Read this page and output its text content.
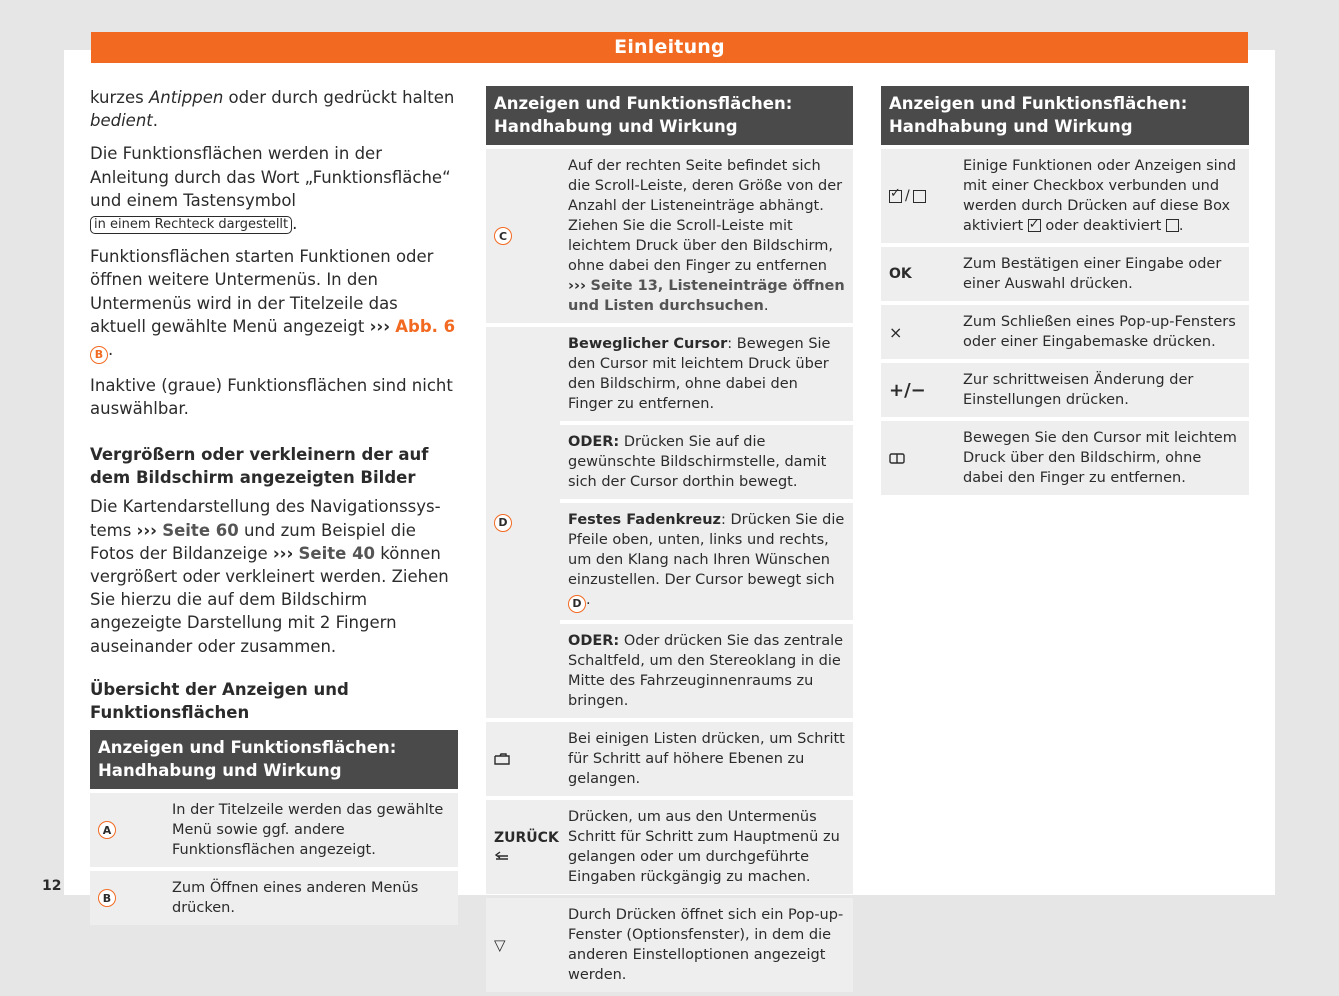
Einleitung

kurzes Antippen oder durch gedrückt halten bedient.

Die Funktionsflächen werden in der Anleitung durch das Wort „Funktionsfläche“ und einem Tastensymbol in einem Rechteck dargestellt .

Funktionsflächen starten Funktionen oder öffnen weitere Untermenüs. In den Untermenüs wird in der Titelzeile das aktuell gewählte Menü angezeigt ››› Abb. 6 B .

Inaktive (graue) Funktionsflächen sind nicht auswählbar.

Vergrößern oder verkleinern der auf dem Bildschirm angezeigten Bilder

Die Kartendarstellung des Navigationssystems ››› Seite 60 und zum Beispiel die Fotos der Bildanzeige ››› Seite 40 können vergrößert oder verkleinert werden. Ziehen Sie hierzu die auf dem Bildschirm angezeigte Darstellung mit 2 Fingern auseinander oder zusammen.

Übersicht der Anzeigen und Funktionsflächen
Anzeigen und Funktionsflächen: Handhabung und Wirkung
A
In der Titelzeile werden das gewählte Menü sowie ggf. andere Funktionsflächen angezeigt.
B
Zum Öffnen eines anderen Menüs drücken.
Anzeigen und Funktionsflächen: Handhabung und Wirkung
C
Auf der rechten Seite befindet sich die Scroll-Leiste, deren Größe von der Anzahl der Listeneinträge abhängt. Ziehen Sie die Scroll-Leiste mit leichtem Druck über den Bildschirm, ohne dabei den Finger zu entfernen ››› Seite 13, Listeneinträge öffnen und Listen durchsuchen.
D
Beweglicher Cursor: Bewegen Sie den Cursor mit leichtem Druck über den Bildschirm, ohne dabei den Finger zu entfernen.
ODER: Drücken Sie auf die gewünschte Bildschirmstelle, damit sich der Cursor dorthin bewegt.
Festes Fadenkreuz: Drücken Sie die Pfeile oben, unten, links und rechts, um den Klang nach Ihren Wünschen einzustellen. Der Cursor bewegt sich D .
ODER: Oder drücken Sie das zentrale Schaltfeld, um den Stereoklang in die Mitte des Fahrzeuginnenraums zu bringen.
Bei einigen Listen drücken, um Schritt für Schritt auf höhere Ebenen zu gelangen.
ZURÜCK
Drücken, um aus den Untermenüs Schritt für Schritt zum Hauptmenü zu gelangen oder um durchgeführte Eingaben rückgängig zu machen.
▽
Durch Drücken öffnet sich ein Pop-up-Fenster (Optionsfenster), in dem die anderen Einstelloptionen angezeigt werden.
Anzeigen und Funktionsflächen: Handhabung und Wirkung
✓
/
Einige Funktionen oder Anzeigen sind mit einer Checkbox verbunden und werden durch Drücken auf diese Box aktiviert ✓ oder deaktiviert .
OK
Zum Bestätigen einer Eingabe oder einer Auswahl drücken.
×
Zum Schließen eines Pop-up-Fensters oder einer Eingabemaske drücken.
+/−	Zur schrittweisen Änderung der Einstellungen drücken.
Bewegen Sie den Cursor mit leichtem Druck über den Bildschirm, ohne dabei den Finger zu entfernen.
12
